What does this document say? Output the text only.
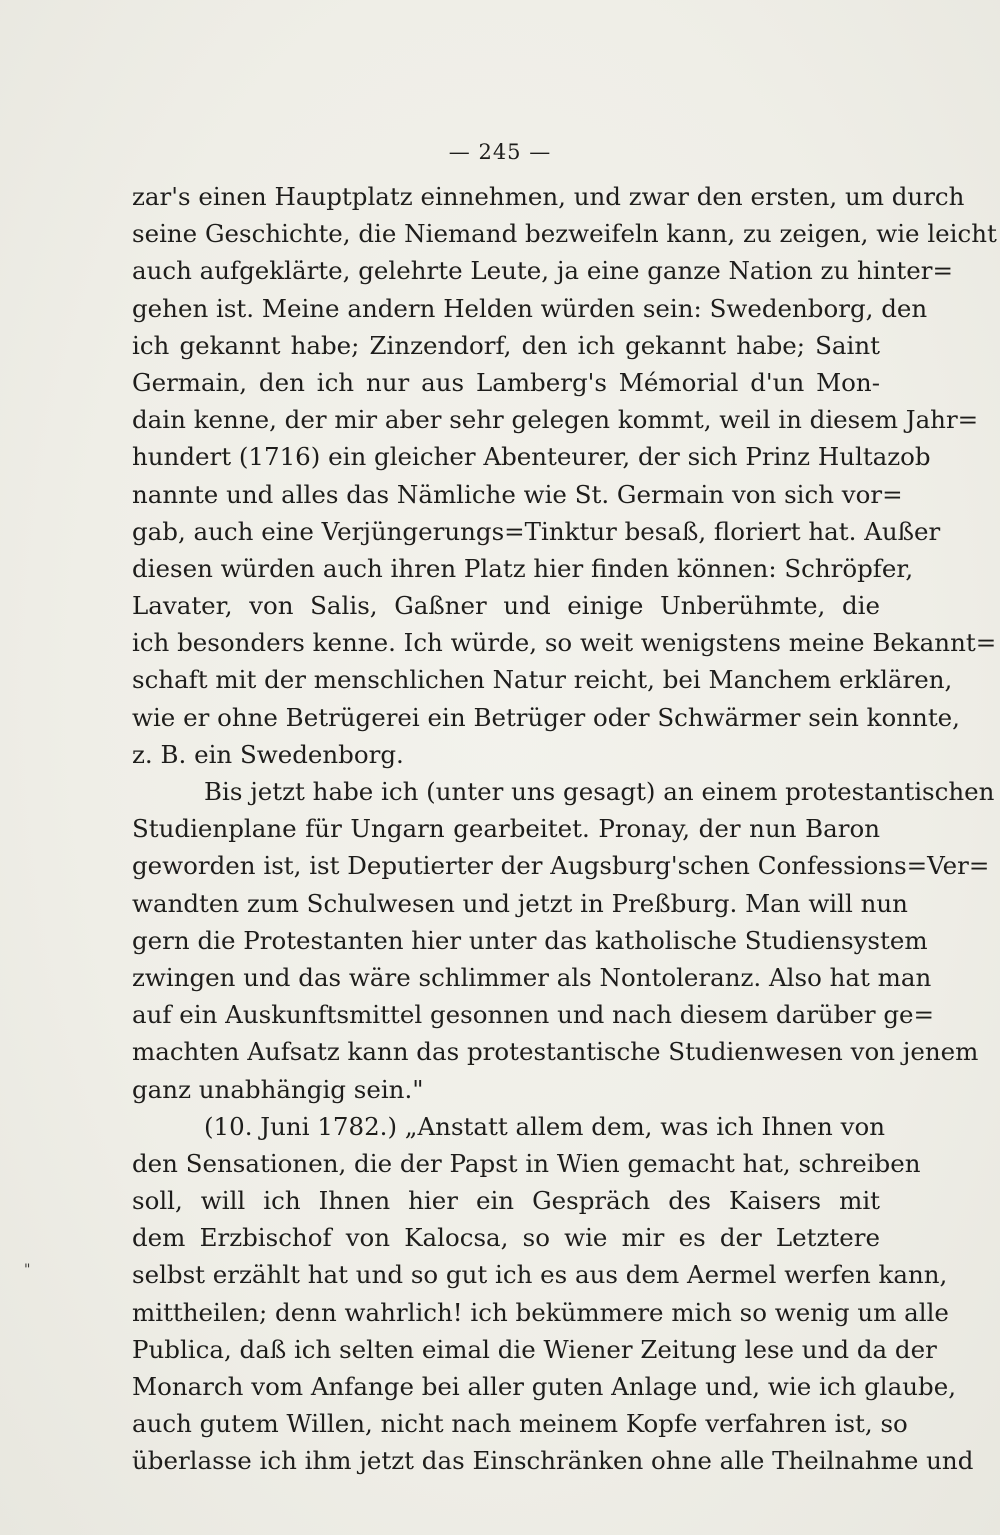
— 245 —
zar's einen Hauptplatz einnehmen, und zwar den ersten, um durch
seine Geschichte, die Niemand bezweifeln kann, zu zeigen, wie leicht
auch aufgeklärte, gelehrte Leute, ja eine ganze Nation zu hinter=
gehen ist. Meine andern Helden würden sein: Swedenborg, den
ich gekannt habe; Zinzendorf, den ich gekannt habe; Saint
Germain, den ich nur aus Lamberg's Mémorial d'un Mon-
dain kenne, der mir aber sehr gelegen kommt, weil in diesem Jahr=
hundert (1716) ein gleicher Abenteurer, der sich Prinz Hultazob
nannte und alles das Nämliche wie St. Germain von sich vor=
gab, auch eine Verjüngerungs=Tinktur besaß, floriert hat. Außer
diesen würden auch ihren Platz hier finden können: Schröpfer,
Lavater, von Salis, Gaßner und einige Unberühmte, die
ich besonders kenne. Ich würde, so weit wenigstens meine Bekannt=
schaft mit der menschlichen Natur reicht, bei Manchem erklären,
wie er ohne Betrügerei ein Betrüger oder Schwärmer sein konnte,
z. B. ein Swedenborg.
Bis jetzt habe ich (unter uns gesagt) an einem protestantischen
Studienplane für Ungarn gearbeitet. Pronay, der nun Baron
geworden ist, ist Deputierter der Augsburg'schen Confessions=Ver=
wandten zum Schulwesen und jetzt in Preßburg. Man will nun
gern die Protestanten hier unter das katholische Studiensystem
zwingen und das wäre schlimmer als Nontoleranz. Also hat man
auf ein Auskunftsmittel gesonnen und nach diesem darüber ge=
machten Aufsatz kann das protestantische Studienwesen von jenem
ganz unabhängig sein."
(10. Juni 1782.) „Anstatt allem dem, was ich Ihnen von
den Sensationen, die der Papst in Wien gemacht hat, schreiben
soll, will ich Ihnen hier ein Gespräch des Kaisers mit
dem Erzbischof von Kalocsa, so wie mir es der Letztere
selbst erzählt hat und so gut ich es aus dem Aermel werfen kann,
mittheilen; denn wahrlich! ich bekümmere mich so wenig um alle
Publica, daß ich selten eimal die Wiener Zeitung lese und da der
Monarch vom Anfange bei aller guten Anlage und, wie ich glaube,
auch gutem Willen, nicht nach meinem Kopfe verfahren ist, so
überlasse ich ihm jetzt das Einschränken ohne alle Theilnahme und
"
